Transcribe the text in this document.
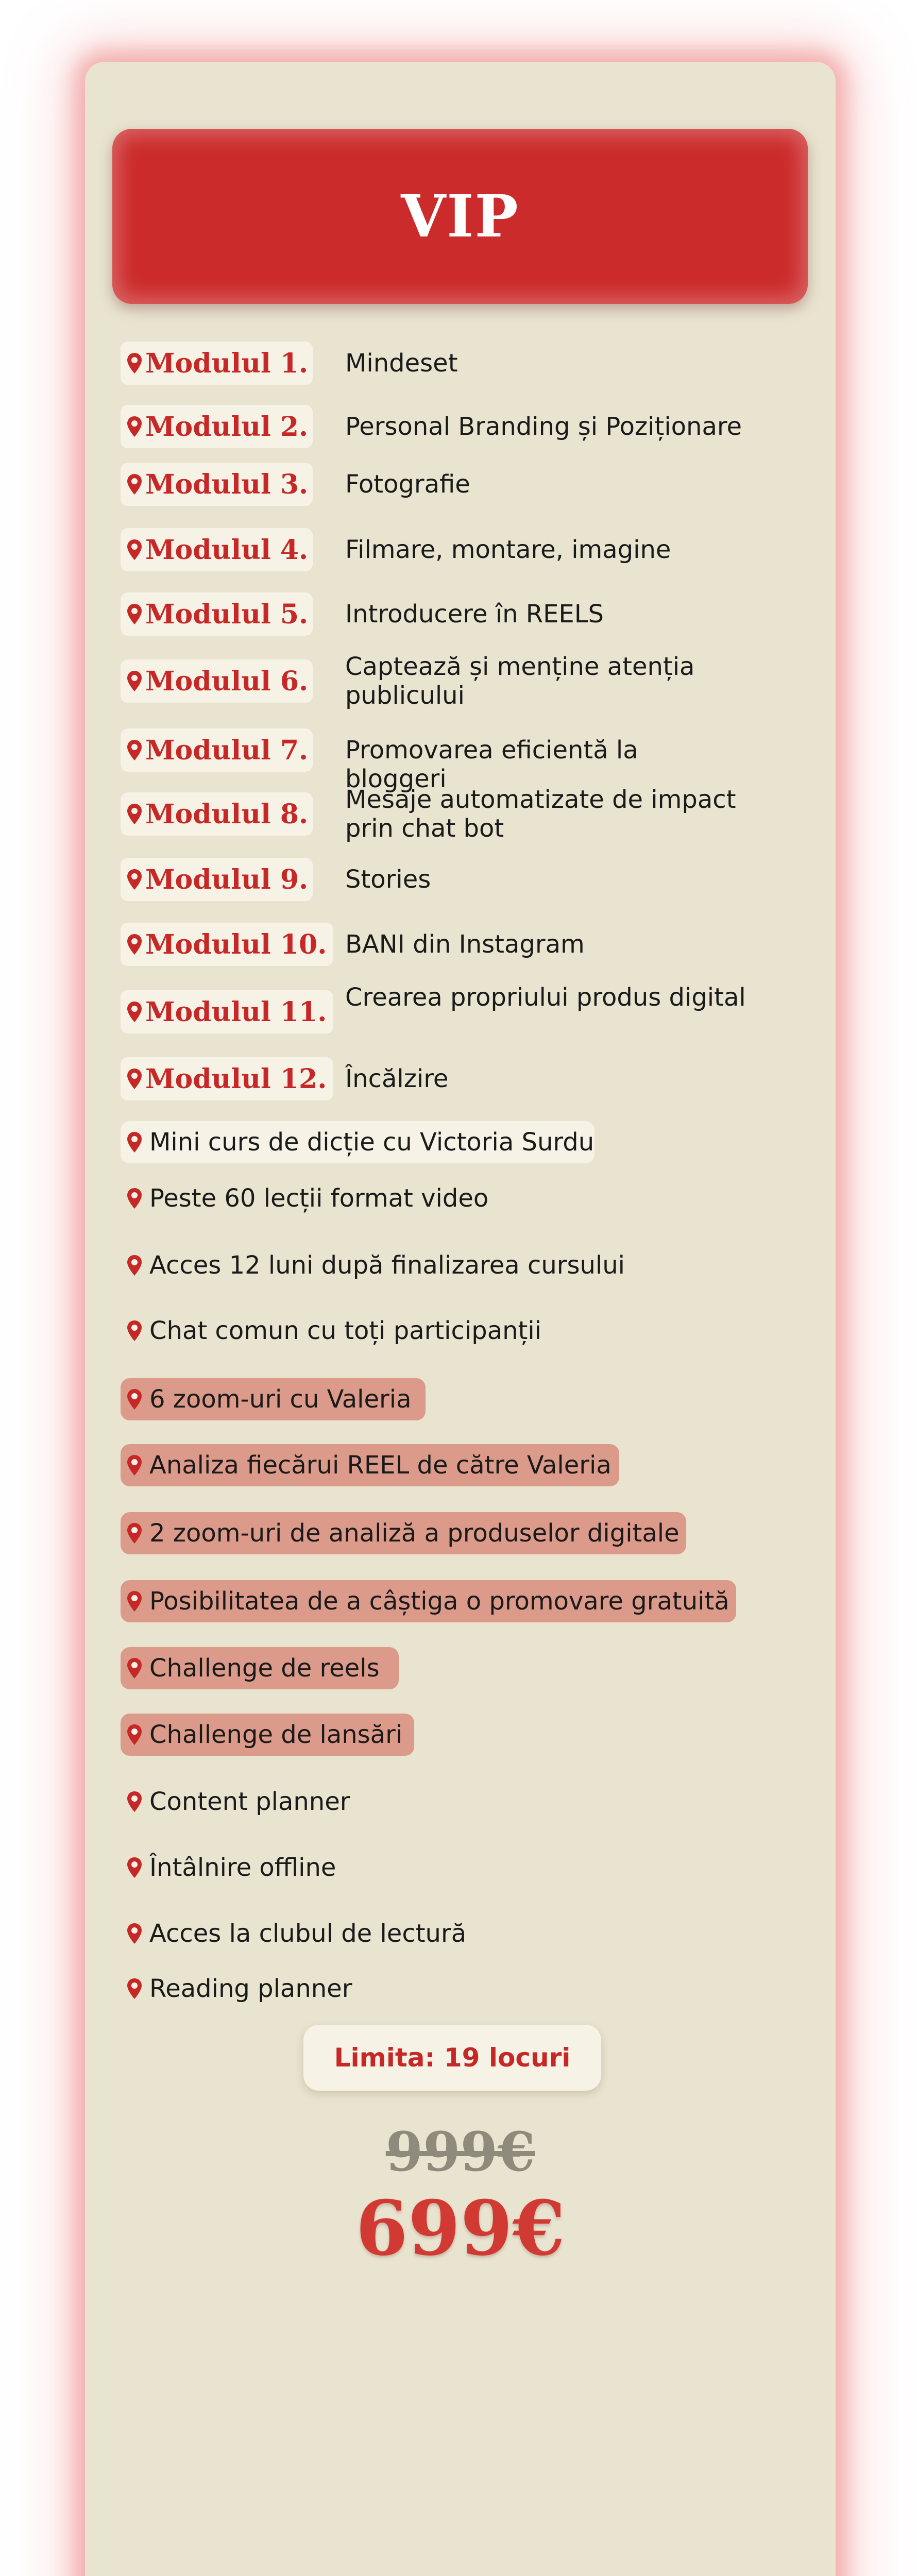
VIP
Modulul 1. Mindeset
Modulul 2. Personal Branding și Poziționare
Modulul 3. Fotografie
Modulul 4. Filmare, montare, imagine
Modulul 5. Introducere în REELS
Modulul 6. Captează și menține atenția publicului
Modulul 7. Promovarea eficientă la bloggeri
Modulul 8. Mesaje automatizate de impact prin chat bot
Modulul 9. Stories
Modulul 10. BANI din Instagram
Modulul 11. Crearea propriului produs digital
Modulul 12. Încălzire
Mini curs de dicție cu Victoria Surdu
Peste 60 lecții format video
Acces 12 luni după finalizarea cursului
Chat comun cu toți participanții
6 zoom-uri cu Valeria
Analiza fiecărui REEL de către Valeria
2 zoom-uri de analiză a produselor digitale
Posibilitatea de a câștiga o promovare gratuită
Challenge de reels
Challenge de lansări
Content planner
Întâlnire offline
Acces la clubul de lectură
Reading planner
Limita: 19 locuri
999€
699€
